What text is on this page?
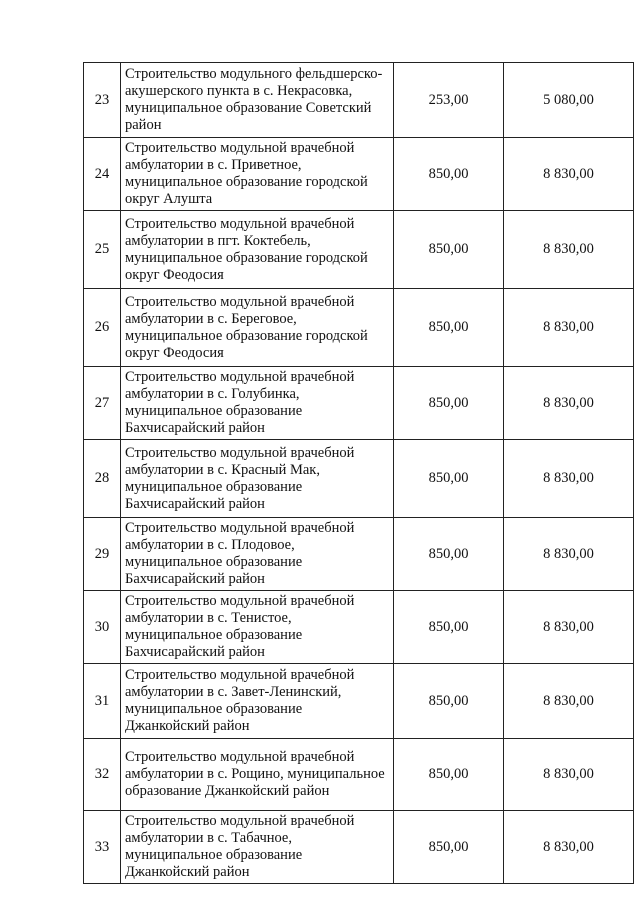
23	Строительство модульного фельдшерско-акушерского пункта в с. Некрасовка, муниципальное образование Советский район	253,00	5 080,00
24	Строительство модульной врачебной амбулатории в с. Приветное, муниципальное образование городской округ Алушта	850,00	8 830,00
25	Строительство модульной врачебной амбулатории в пгт. Коктебель, муниципальное образование городской округ Феодосия	850,00	8 830,00
26	Строительство модульной врачебной амбулатории в с. Береговое, муниципальное образование городской округ Феодосия	850,00	8 830,00
27	Строительство модульной врачебной амбулатории в с. Голубинка, муниципальное образование Бахчисарайский район	850,00	8 830,00
28	Строительство модульной врачебной амбулатории в с. Красный Мак, муниципальное образование Бахчисарайский район	850,00	8 830,00
29	Строительство модульной врачебной амбулатории в с. Плодовое, муниципальное образование Бахчисарайский район	850,00	8 830,00
30	Строительство модульной врачебной амбулатории в с. Тенистое, муниципальное образование Бахчисарайский район	850,00	8 830,00
31	Строительство модульной врачебной амбулатории в с. Завет-Ленинский, муниципальное образование Джанкойский район	850,00	8 830,00
32	Строительство модульной врачебной амбулатории в с. Рощино, муниципальное образование Джанкойский район	850,00	8 830,00
33	Строительство модульной врачебной амбулатории в с. Табачное, муниципальное образование Джанкойский район	850,00	8 830,00
